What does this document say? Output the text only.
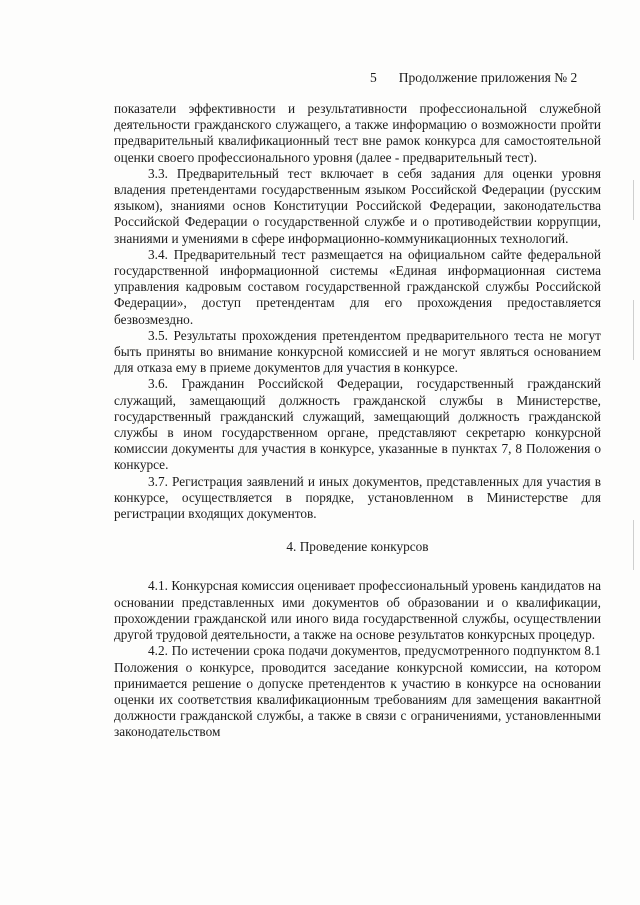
5 Продолжение приложения № 2

показатели эффективности и результативности профессиональной служебной деятельности гражданского служащего, а также информацию о возможности пройти предварительный квалификационный тест вне рамок конкурса для самостоятельной оценки своего профессионального уровня (далее - предварительный тест).

3.3. Предварительный тест включает в себя задания для оценки уровня владения претендентами государственным языком Российской Федерации (русским языком), знаниями основ Конституции Российской Федерации, законодательства Российской Федерации о государственной службе и о противодействии коррупции, знаниями и умениями в сфере информационно-коммуникационных технологий.

3.4. Предварительный тест размещается на официальном сайте федеральной государственной информационной системы «Единая информационная система управления кадровым составом государственной гражданской службы Российской Федерации», доступ претендентам для его прохождения предоставляется безвозмездно.

3.5. Результаты прохождения претендентом предварительного теста не могут быть приняты во внимание конкурсной комиссией и не могут являться основанием для отказа ему в приеме документов для участия в конкурсе.

3.6. Гражданин Российской Федерации, государственный гражданский служащий, замещающий должность гражданской службы в Министерстве, государственный гражданский служащий, замещающий должность гражданской службы в ином государственном органе, представляют секретарю конкурсной комиссии документы для участия в конкурсе, указанные в пунктах 7, 8 Положения о конкурсе.

3.7. Регистрация заявлений и иных документов, представленных для участия в конкурсе, осуществляется в порядке, установленном в Министерстве для регистрации входящих документов.

4. Проведение конкурсов

4.1. Конкурсная комиссия оценивает профессиональный уровень кандидатов на основании представленных ими документов об образовании и о квалификации, прохождении гражданской или иного вида государственной службы, осуществлении другой трудовой деятельности, а также на основе результатов конкурсных процедур.

4.2. По истечении срока подачи документов, предусмотренного подпунктом 8.1 Положения о конкурсе, проводится заседание конкурсной комиссии, на котором принимается решение о допуске претендентов к участию в конкурсе на основании оценки их соответствия квалификационным требованиям для замещения вакантной должности гражданской службы, а также в связи с ограничениями, установленными законодательством
